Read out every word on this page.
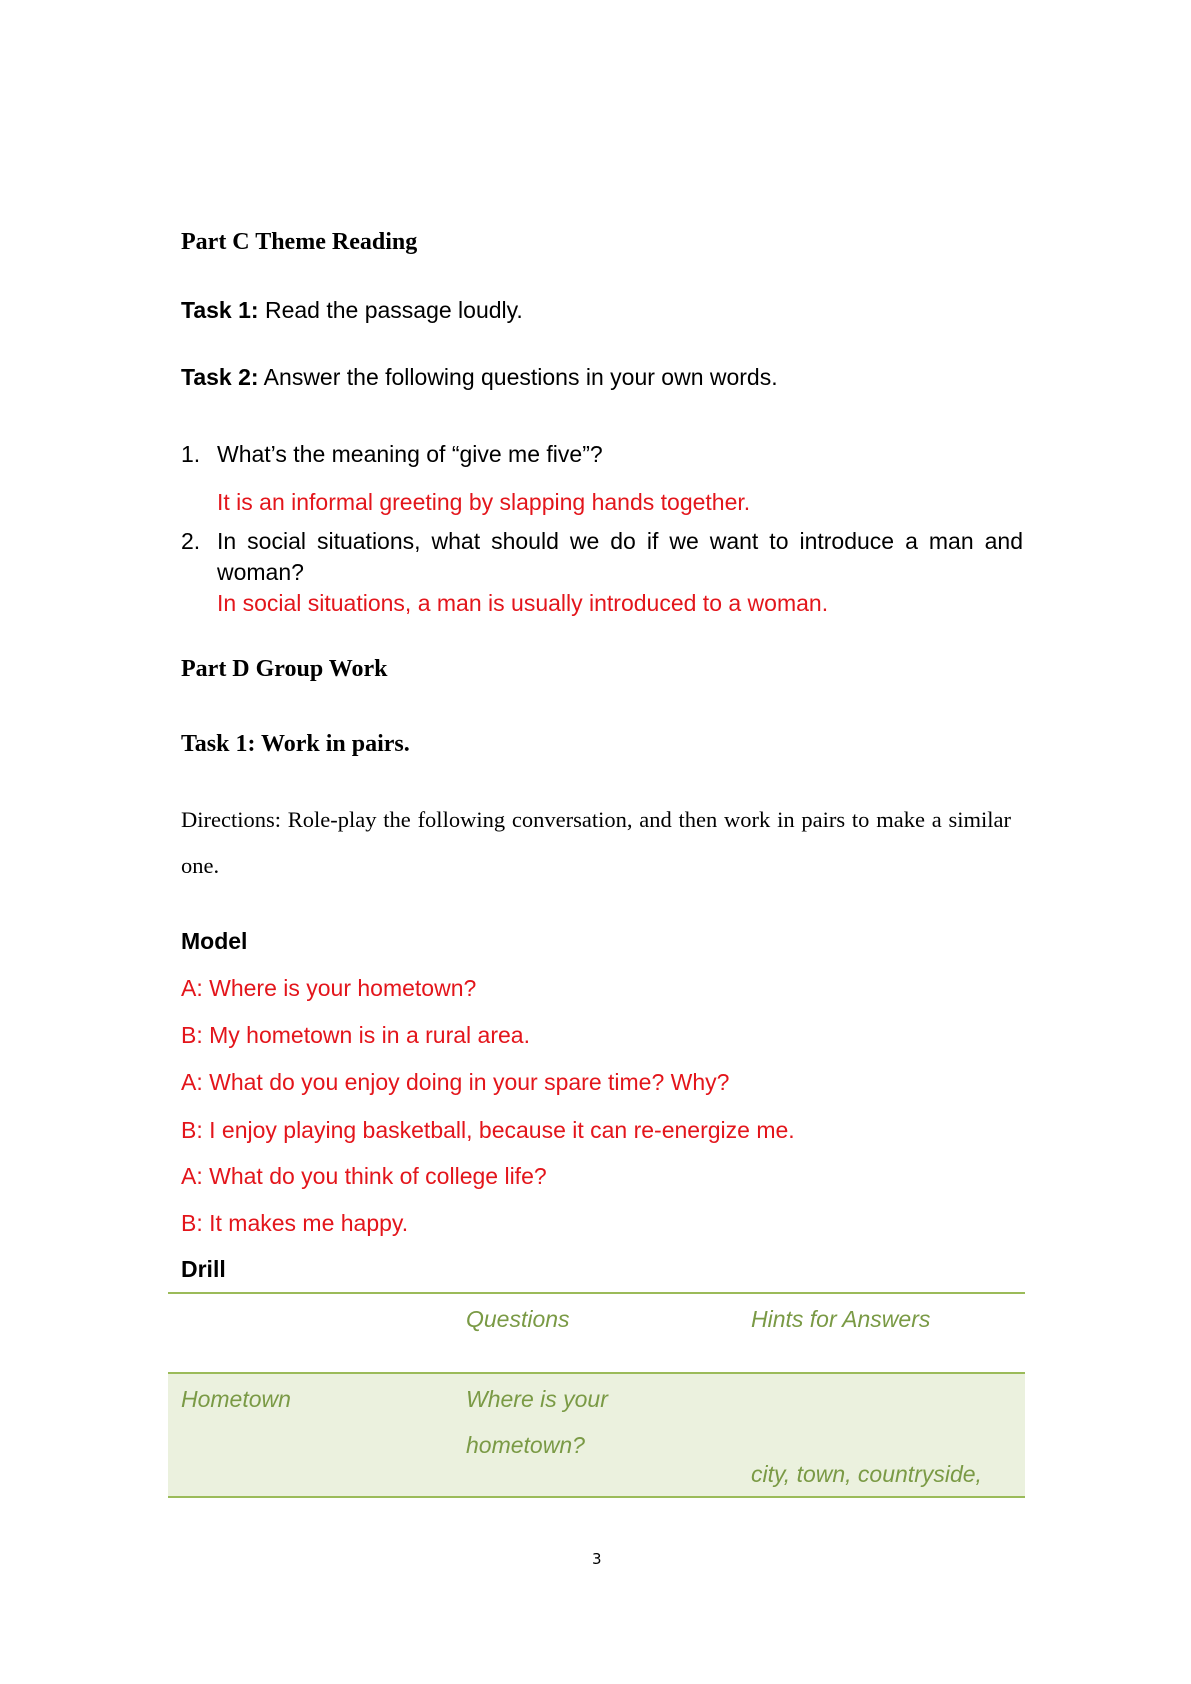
Part C Theme Reading
Task 1: Read the passage loudly.
Task 2: Answer the following questions in your own words.
1. What’s the meaning of “give me five”?
It is an informal greeting by slapping hands together.
2. In social situations, what should we do if we want to introduce a man and
woman?
In social situations, a man is usually introduced to a woman.
Part D Group Work
Task 1: Work in pairs.
Directions: Role-play the following conversation, and then work in pairs to make a similar one.
Model
A: Where is your hometown?
B: My hometown is in a rural area.
A: What do you enjoy doing in your spare time? Why?
B: I enjoy playing basketball, because it can re-energize me.
A: What do you think of college life?
B: It makes me happy.
Drill
Questions	Hints for Answers
Hometown	Where is your
hometown?
city, town, countryside,
3
